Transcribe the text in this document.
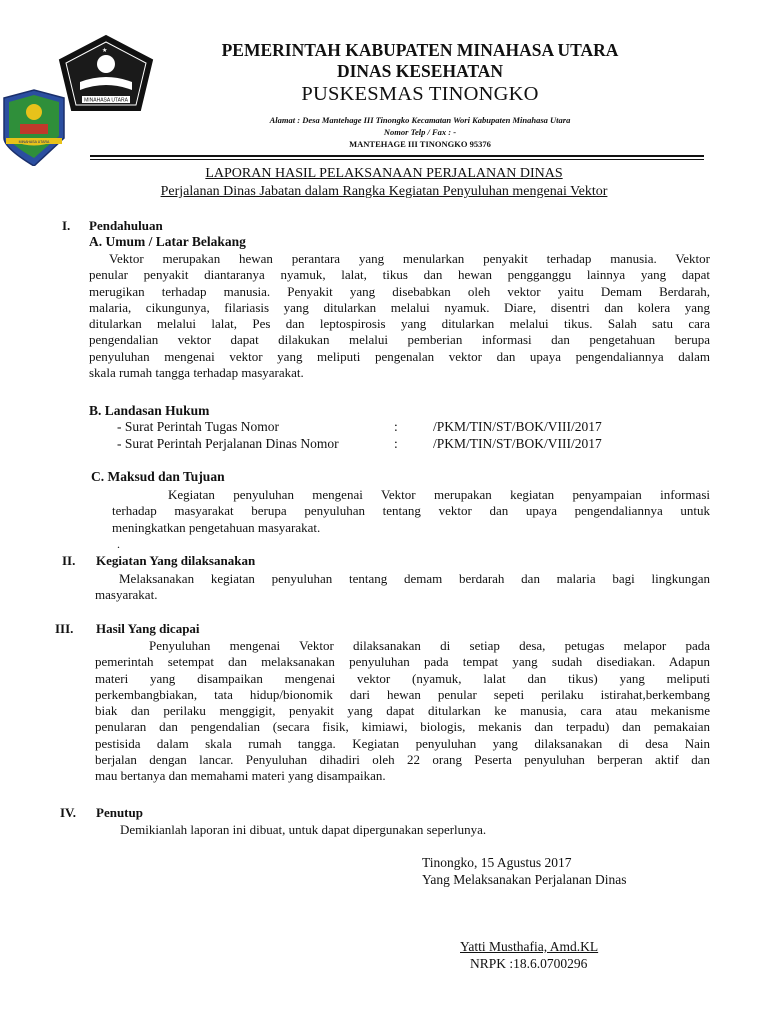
MINAHASA UTARA
MINAHASA UTARA
★	PEMERINTAH KABUPATEN MINAHASA UTARA
DINAS KESEHATAN
PUSKESMAS TINONGKO
Alamat : Desa Mantehage III Tinongko Kecamatan Wori Kabupaten Minahasa Utara
Nomor Telp / Fax : -
MANTEHAGE III TINONGKO 95376
LAPORAN HASIL PELAKSANAAN PERJALANAN DINAS
Perjalanan Dinas Jabatan dalam Rangka Kegiatan Penyuluhan mengenai Vektor
I. Pendahuluan
A. Umum / Latar Belakang
Vektor merupakan hewan perantara yang menularkan penyakit terhadap manusia. Vektor
penular penyakit diantaranya nyamuk, lalat, tikus dan hewan pengganggu lainnya yang dapat
merugikan terhadap manusia. Penyakit yang disebabkan oleh vektor yaitu Demam Berdarah,
malaria, cikungunya, filariasis yang ditularkan melalui nyamuk. Diare, disentri dan kolera yang
ditularkan melalui lalat, Pes dan leptospirosis yang ditularkan melalui tikus. Salah satu cara
pengendalian vektor dapat dilakukan melalui pemberian informasi dan pengetahuan berupa
penyuluhan mengenai vektor yang meliputi pengenalan vektor dan upaya pengendaliannya dalam
skala rumah tangga terhadap masyarakat.
B. Landasan Hukum
- Surat Perintah Tugas Nomor	:	/PKM/TIN/ST/BOK/VIII/2017
- Surat Perintah Perjalanan Dinas Nomor	:	/PKM/TIN/ST/BOK/VIII/2017
C. Maksud dan Tujuan
Kegiatan penyuluhan mengenai Vektor merupakan kegiatan penyampaian informasi
terhadap masyarakat berupa penyuluhan tentang vektor dan upaya pengendaliannya untuk
meningkatkan pengetahuan masyarakat.
.
II. Kegiatan Yang dilaksanakan
Melaksanakan kegiatan penyuluhan tentang demam berdarah dan malaria bagi lingkungan
masyarakat.
III. Hasil Yang dicapai
Penyuluhan mengenai Vektor dilaksanakan di setiap desa, petugas melapor pada
pemerintah setempat dan melaksanakan penyuluhan pada tempat yang sudah disediakan. Adapun
materi yang disampaikan mengenai vektor (nyamuk, lalat dan tikus) yang meliputi
perkembangbiakan, tata hidup/bionomik dari hewan penular sepeti perilaku istirahat,berkembang
biak dan perilaku menggigit, penyakit yang dapat ditularkan ke manusia, cara atau mekanisme
penularan dan pengendalian (secara fisik, kimiawi, biologis, mekanis dan terpadu) dan pemakaian
pestisida dalam skala rumah tangga. Kegiatan penyuluhan yang dilaksanakan di desa Nain
berjalan dengan lancar. Penyuluhan dihadiri oleh 22 orang Peserta penyuluhan berperan aktif dan
mau bertanya dan memahami materi yang disampaikan.
IV. Penutup
Demikianlah laporan ini dibuat, untuk dapat dipergunakan seperlunya.
Tinongko, 15 Agustus 2017
Yang Melaksanakan Perjalanan Dinas
Yatti Musthafia, Amd.KL
NRPK :18.6.0700296
